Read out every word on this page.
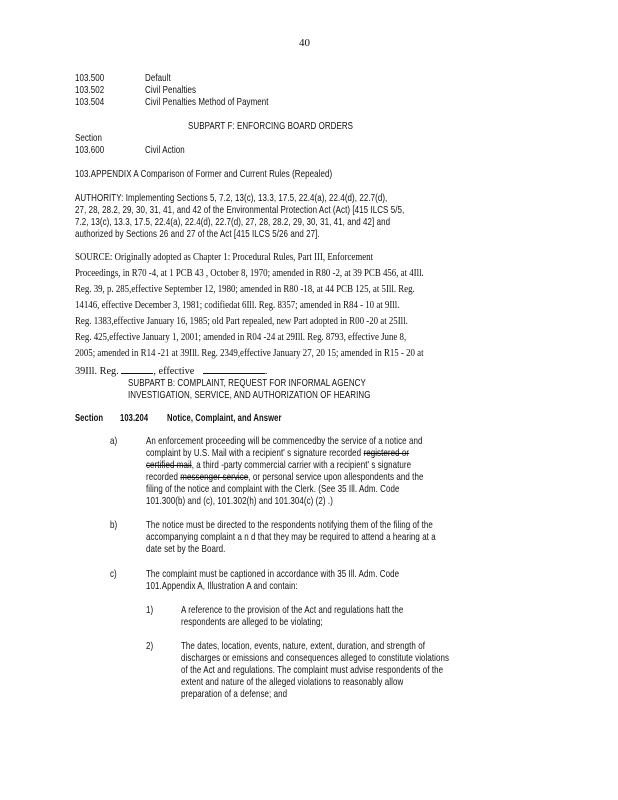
40
103.500	Default
103.502	Civil Penalties
103.504	Civil Penalties Method of Payment
SUBPART F: ENFORCING BOARD ORDERS
Section
103.600	Civil Action
103.APPENDIX A Comparison of Former and Current Rules (Repealed)
AUTHORITY: Implementing Sections 5, 7.2, 13(c), 13.3, 17.5, 22.4(a), 22.4(d), 22.7(d),
27, 28, 28.2, 29, 30, 31, 41, and 42 of the Environmental Protection Act (Act) [415 ILCS 5/5,
7.2, 13(c), 13.3, 17.5, 22.4(a), 22.4(d), 22.7(d), 27, 28, 28.2, 29, 30, 31, 41, and 42] and
authorized by Sections 26 and 27 of the Act [415 ILCS 5/26 and 27].
SOURCE: Originally adopted as Chapter 1: Procedural Rules, Part III, Enforcement
Proceedings, in R70 -4, at 1 PCB 43 , October 8, 1970; amended in R80 -2, at 39 PCB 456, at 4Ill.
Reg. 39, p. 285,effective September 12, 1980; amended in R80 -18, at 44 PCB 125, at 5Ill. Reg.
14146, effective December 3, 1981; codifiedat 6Ill. Reg. 8357; amended in R84 - 10 at 9Ill.
Reg. 1383,effective January 16, 1985; old Part repealed, new Part adopted in R00 -20 at 25Ill.
Reg. 425,effective January 1, 2001; amended in R04 -24 at 29Ill. Reg. 8793, effective June 8,
2005; amended in R14 -21 at 39Ill. Reg. 2349,effective January 27, 20 15; amended in R15 - 20 at
39Ill. Reg.	, effective	.
SUBPART B: COMPLAINT, REQUEST FOR INFORMAL AGENCY
INVESTIGATION, SERVICE, AND AUTHORIZATION OF HEARING
Section 103.204 Notice, Complaint, and Answer
a)	An enforcement proceeding will be commencedby the service of a notice and
complaint by U.S. Mail with a recipient' s signature recorded registered or
certified mail, a third -party commercial carrier with a recipient' s signature
recorded messenger service, or personal service upon allespondents and the
filing of the notice and complaint with the Clerk. (See 35 Ill. Adm. Code
101.300(b) and (c), 101.302(h) and 101.304(c) (2) .)
b)	The notice must be directed to the respondents notifying them of the filing of the
accompanying complaint a n d that they may be required to attend a hearing at a
date set by the Board.
c)	The complaint must be captioned in accordance with 35 Ill. Adm. Code
101.Appendix A, Illustration A and contain:
1)	A reference to the provision of the Act and regulations hatt the
respondents are alleged to be violating;
2)	The dates, location, events, nature, extent, duration, and strength of
discharges or emissions and consequences alleged to constitute violations
of the Act and regulations. The complaint must advise respondents of the
extent and nature of the alleged violations to reasonably allow
preparation of a defense; and
